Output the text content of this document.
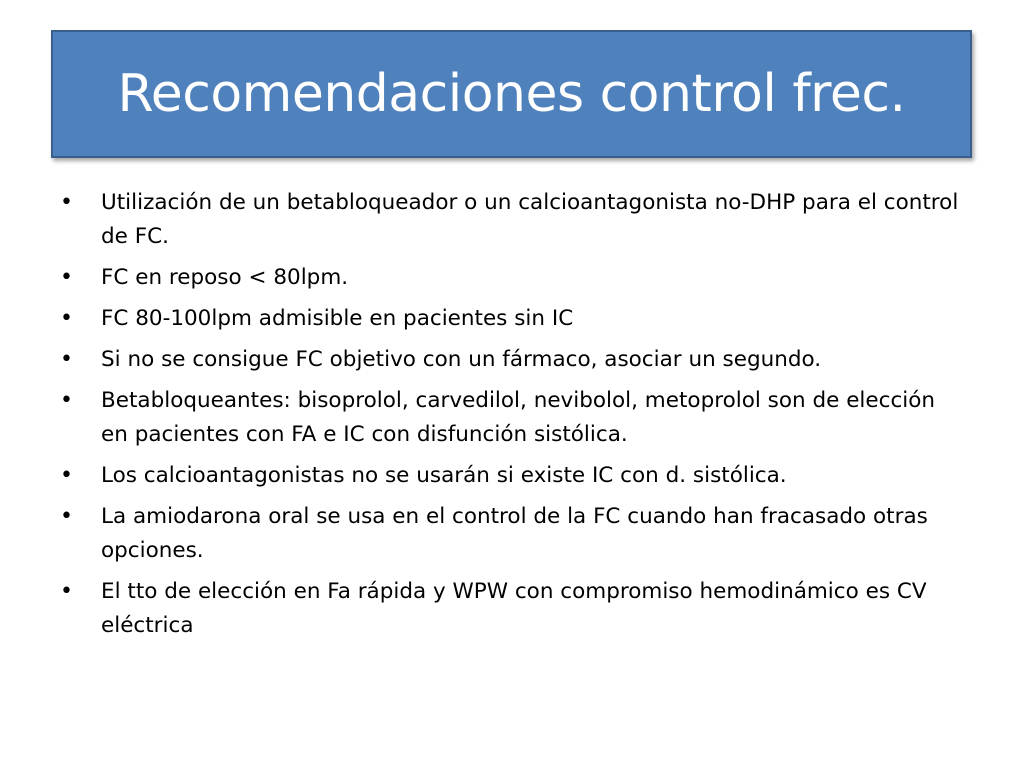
Recomendaciones control frec.
•	Utilización de un betabloqueador o un calcioantagonista no-DHP para el control de FC.
•	FC en reposo < 80lpm.
•	FC 80-100lpm admisible en pacientes sin IC
•	Si no se consigue FC objetivo con un fármaco, asociar un segundo.
•	Betabloqueantes: bisoprolol, carvedilol, nevibolol, metoprolol son de elección en pacientes con FA e IC con disfunción sistólica.
•	Los calcioantagonistas no se usarán si existe IC con d. sistólica.
•	La amiodarona oral se usa en el control de la FC cuando han fracasado otras opciones.
•	El tto de elección en Fa rápida y WPW con compromiso hemodinámico es CV eléctrica
